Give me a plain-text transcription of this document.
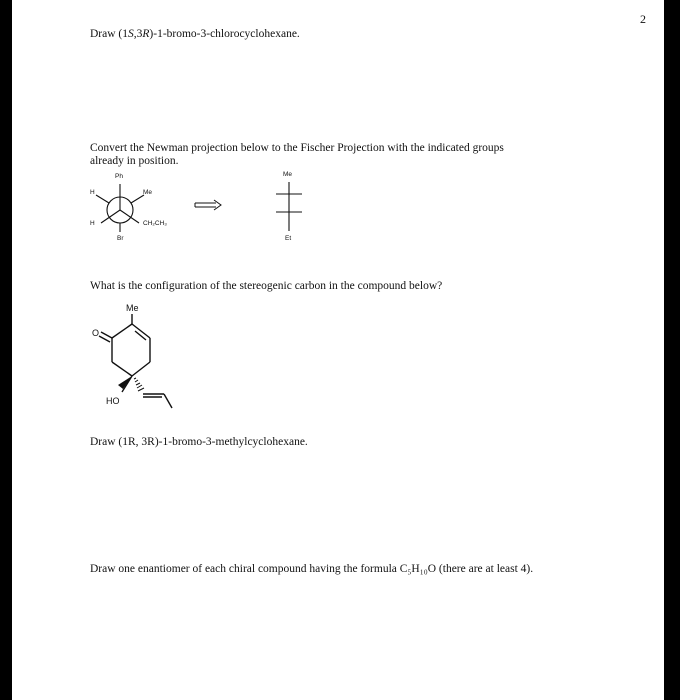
2
Draw (1S,3R)-1-bromo-3-chlorocyclohexane.
Convert the Newman projection below to the Fischer Projection with the indicated groups
already in position.
Ph
H	Me
H	CH₂CH₃
Br
Me
Et
What is the configuration of the stereogenic carbon in the compound below?
Me
O
HO
Draw (1R, 3R)-1-bromo-3-methylcyclohexane.
Draw one enantiomer of each chiral compound having the formula C₅H₁₀O (there are at least 4).
